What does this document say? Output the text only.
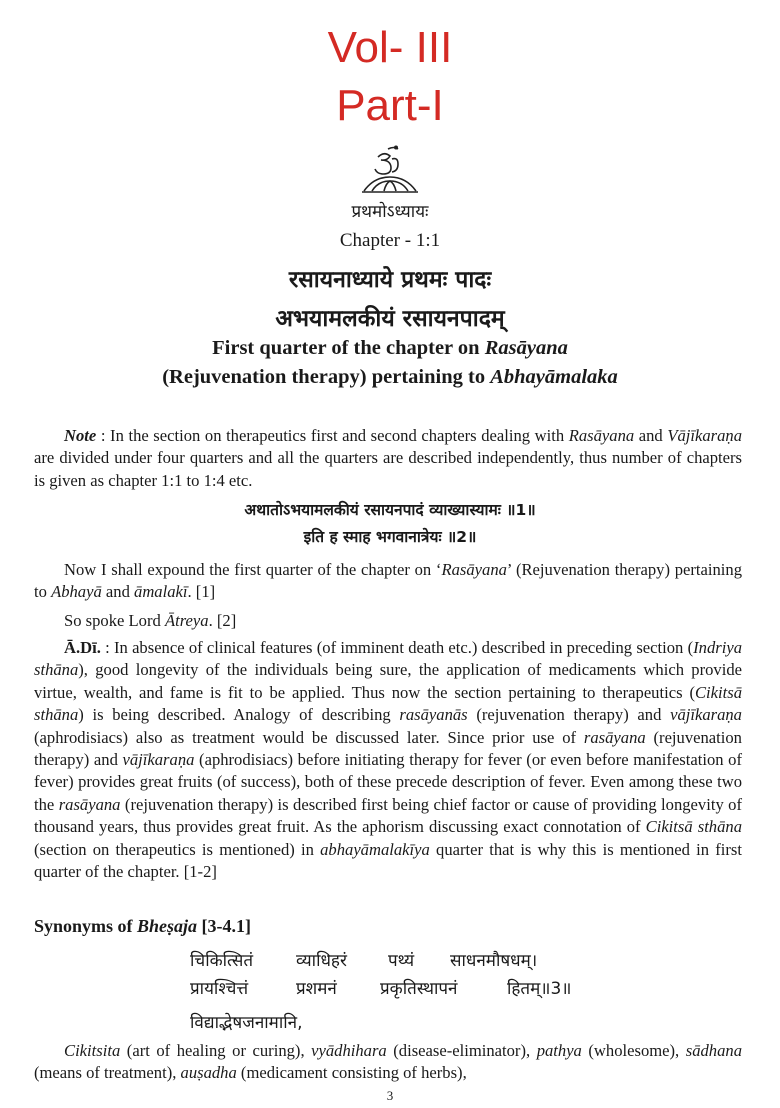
Vol- III
Part-I
प्रथमोऽध्यायः
Chapter - 1:1
रसायनाध्याये प्रथमः पादः
अभयामलकीयं रसायनपादम्
First quarter of the chapter on Rasāyana
(Rejuvenation therapy) pertaining to Abhayāmalaka

Note : In the section on therapeutics first and second chapters dealing with Rasāyana and Vājīkaraṇa are divided under four quarters and all the quarters are described independently, thus number of chapters is given as chapter 1:1 to 1:4 etc.

अथातोऽभयामलकीयं रसायनपादं व्याख्यास्यामः ॥1॥
इति ह स्माह भगवानात्रेयः ॥2॥

Now I shall expound the first quarter of the chapter on ‘Rasāyana’ (Rejuvenation therapy) pertaining to Abhayā and āmalakī. [1]

So spoke Lord Ātreya. [2]

Ā.Dī. : In absence of clinical features (of imminent death etc.) described in preceding section (Indriya sthāna), good longevity of the individuals being sure, the application of medicaments which provide virtue, wealth, and fame is fit to be applied. Thus now the section pertaining to therapeutics (Cikitsā sthāna) is being described. Analogy of describing rasāyanās (rejuvenation therapy) and vājīkaraṇa (aphrodisiacs) also as treatment would be discussed later. Since prior use of rasāyana (rejuvenation therapy) and vājīkaraṇa (aphrodisiacs) before initiating therapy for fever (or even before manifestation of fever) provides great fruits (of success), both of these precede description of fever. Even among these two the rasāyana (rejuvenation therapy) is described first being chief factor or cause of providing longevity of thousand years, thus provides great fruit. As the aphorism discussing exact connotation of Cikitsā sthāna (section on therapeutics is mentioned) in abhayāmalakīya quarter that is why this is mentioned in first quarter of the chapter. [1-2]

Synonyms of Bheṣaja [3-4.1]
चिकित्सितं	व्याधिहरं पथ्यं साधनमौषधम्।
प्रायश्चित्तं	प्रशमनं	प्रकृतिस्थापनं	हितम्॥3॥
विद्याद्भेषजनामानि,

Cikitsita (art of healing or curing), vyādhihara (disease-eliminator), pathya (wholesome), sādhana (means of treatment), auṣadha (medicament consisting of herbs),

3
